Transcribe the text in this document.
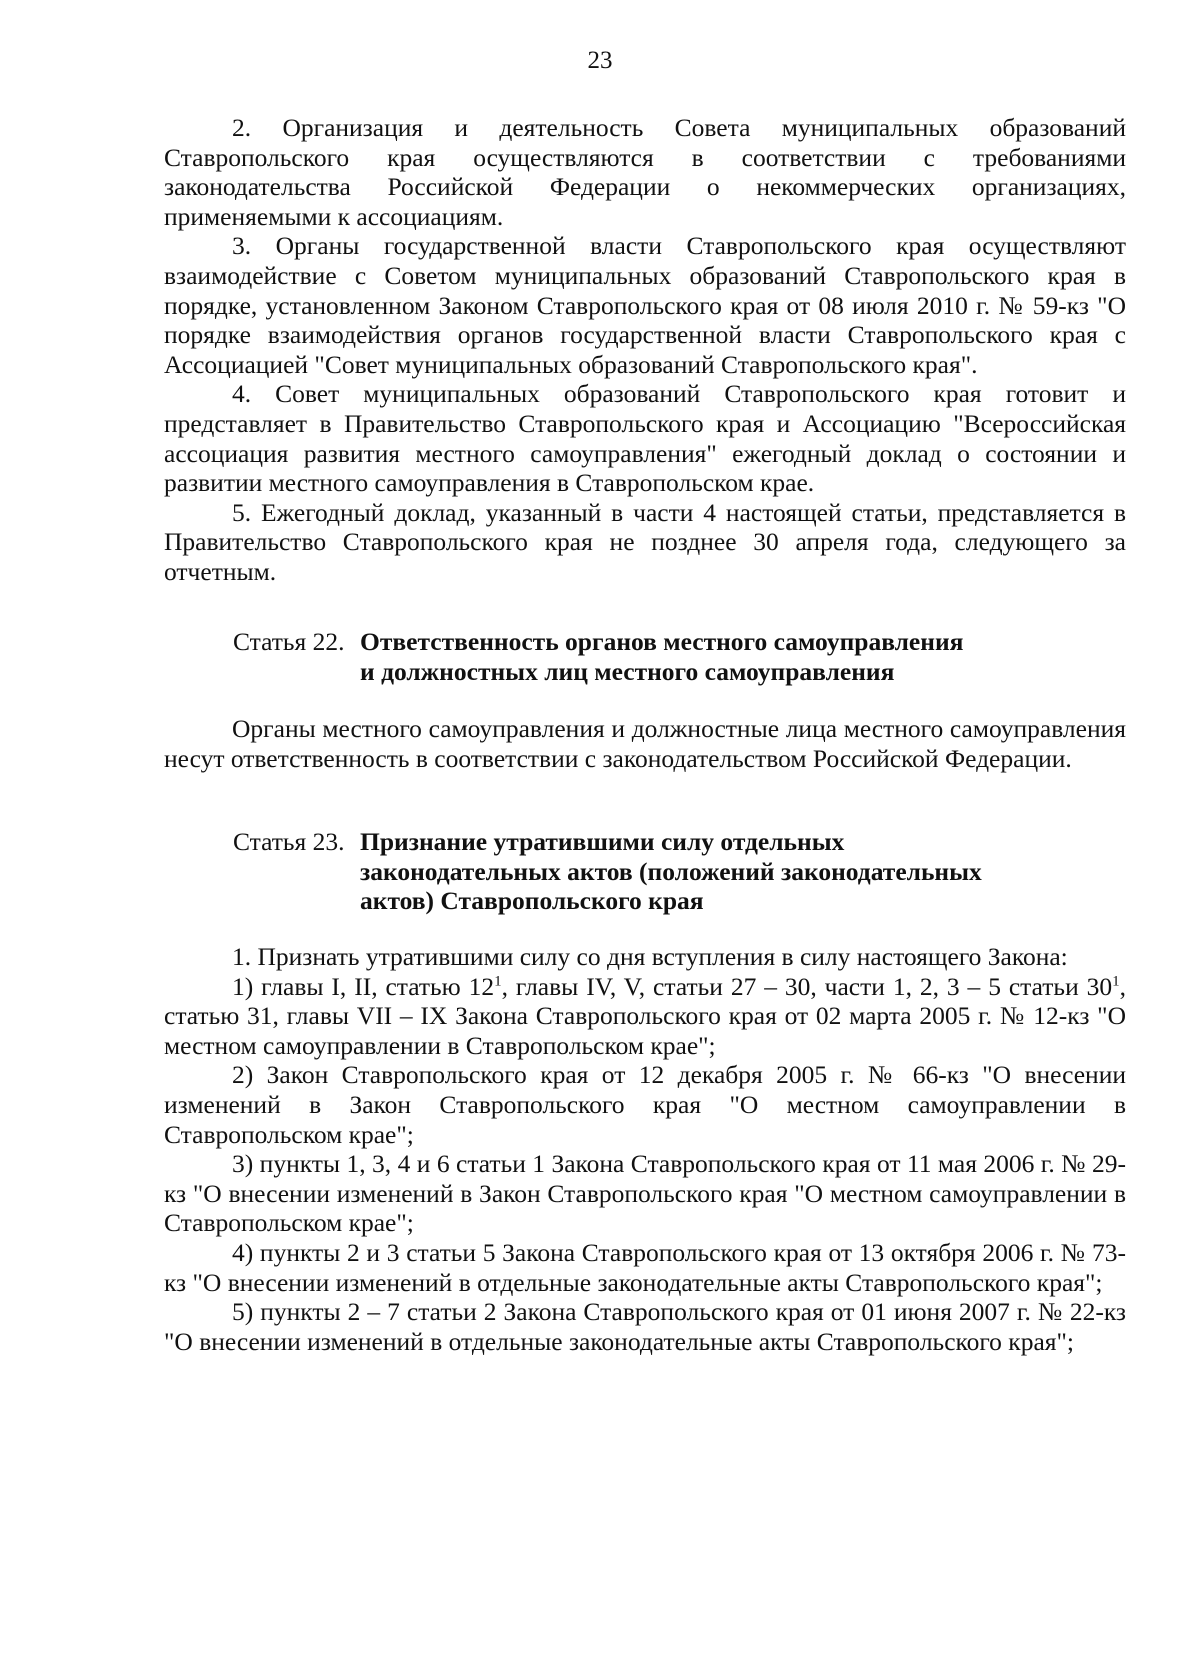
23

2. Организация и деятельность Совета муниципальных образований Ставропольского края осуществляются в соответствии с требованиями законодательства Российской Федерации о некоммерческих организациях, применяемыми к ассоциациям.

3. Органы государственной власти Ставропольского края осуществляют взаимодействие с Советом муниципальных образований Ставропольского края в порядке, установленном Законом Ставропольского края от 08 июля 2010 г. № 59-кз "О порядке взаимодействия органов государственной власти Ставропольского края с Ассоциацией "Совет муниципальных образований Ставропольского края".

4. Совет муниципальных образований Ставропольского края готовит и представляет в Правительство Ставропольского края и Ассоциацию "Всероссийская ассоциация развития местного самоуправления" ежегодный доклад о состоянии и развитии местного самоуправления в Ставропольском крае.

5. Ежегодный доклад, указанный в части 4 настоящей статьи, представляется в Правительство Ставропольского края не позднее 30 апреля года, следующего за отчетным.

Статья 22. Ответственность органов местного самоуправления
и должностных лиц местного самоуправления

Органы местного самоуправления и должностные лица местного самоуправления несут ответственность в соответствии с законодательством Российской Федерации.

Статья 23. Признание утратившими силу отдельных
законодательных актов (положений законодательных
актов) Ставропольского края

1. Признать утратившими силу со дня вступления в силу настоящего Закона:

1) главы I, II, статью $12^1$, главы IV, V, статьи 27 – 30, части 1, 2, 3 – 5 статьи $30^1$, статью 31, главы VII – IX Закона Ставропольского края от 02 марта 2005 г. № 12-кз "О местном самоуправлении в Ставропольском крае";

2) Закон Ставропольского края от 12 декабря 2005 г. № 66-кз "О внесении изменений в Закон Ставропольского края "О местном самоуправлении в Ставропольском крае";

3) пункты 1, 3, 4 и 6 статьи 1 Закона Ставропольского края от 11 мая 2006 г. № 29-кз "О внесении изменений в Закон Ставропольского края "О местном самоуправлении в Ставропольском крае";

4) пункты 2 и 3 статьи 5 Закона Ставропольского края от 13 октября 2006 г. № 73-кз "О внесении изменений в отдельные законодательные акты Ставропольского края";

5) пункты 2 – 7 статьи 2 Закона Ставропольского края от 01 июня 2007 г. № 22-кз "О внесении изменений в отдельные законодательные акты Ставропольского края";
